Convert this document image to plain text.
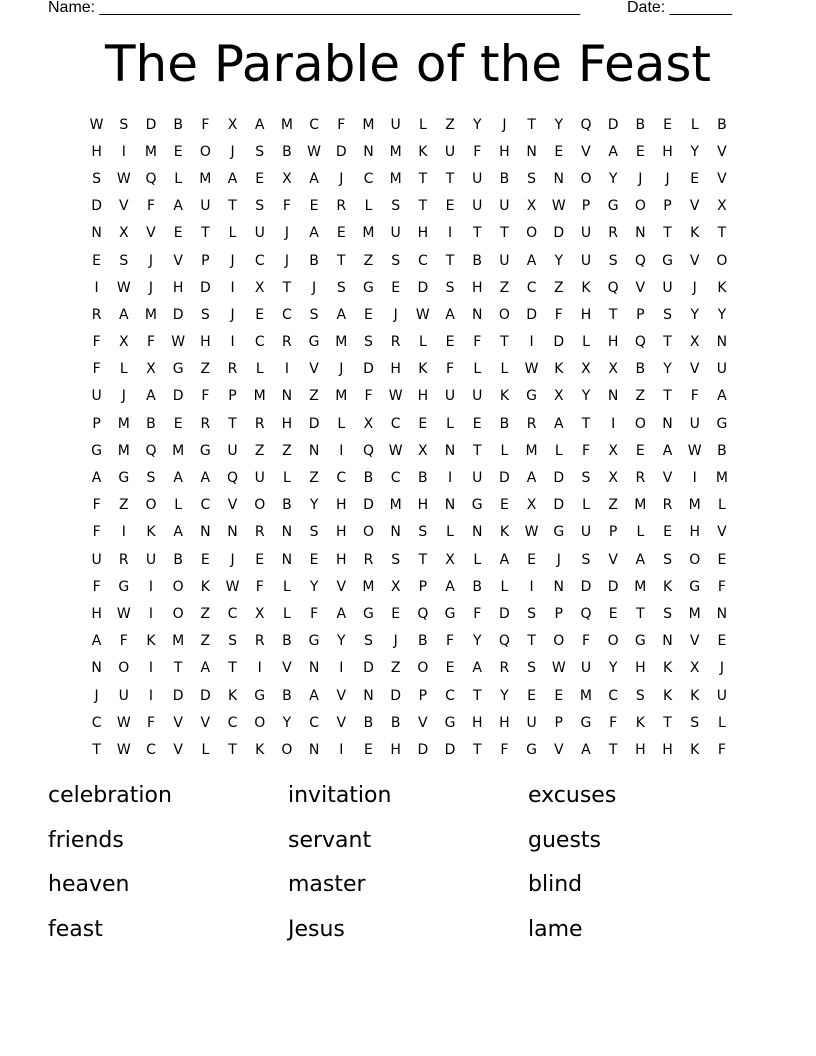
Name: ______________________________________________________	Date: _______
The Parable of the Feast
W	S	D	B	F	X	A	M	C	F	M	U	L	Z	Y	J	T	Y	Q	D	B	E	L	B
H	I	M	E	O	J	S	B	W	D	N	M	K	U	F	H	N	E	V	A	E	H	Y	V
S	W	Q	L	M	A	E	X	A	J	C	M	T	T	U	B	S	N	O	Y	J	J	E	V
D	V	F	A	U	T	S	F	E	R	L	S	T	E	U	U	X	W	P	G	O	P	V	X
N	X	V	E	T	L	U	J	A	E	M	U	H	I	T	T	O	D	U	R	N	T	K	T
E	S	J	V	P	J	C	J	B	T	Z	S	C	T	B	U	A	Y	U	S	Q	G	V	O
I	W	J	H	D	I	X	T	J	S	G	E	D	S	H	Z	C	Z	K	Q	V	U	J	K
R	A	M	D	S	J	E	C	S	A	E	J	W	A	N	O	D	F	H	T	P	S	Y	Y
F	X	F	W	H	I	C	R	G	M	S	R	L	E	F	T	I	D	L	H	Q	T	X	N
F	L	X	G	Z	R	L	I	V	J	D	H	K	F	L	L	W	K	X	X	B	Y	V	U
U	J	A	D	F	P	M	N	Z	M	F	W	H	U	U	K	G	X	Y	N	Z	T	F	A
P	M	B	E	R	T	R	H	D	L	X	C	E	L	E	B	R	A	T	I	O	N	U	G
G	M	Q	M	G	U	Z	Z	N	I	Q	W	X	N	T	L	M	L	F	X	E	A	W	B
A	G	S	A	A	Q	U	L	Z	C	B	C	B	I	U	D	A	D	S	X	R	V	I	M
F	Z	O	L	C	V	O	B	Y	H	D	M	H	N	G	E	X	D	L	Z	M	R	M	L
F	I	K	A	N	N	R	N	S	H	O	N	S	L	N	K	W	G	U	P	L	E	H	V
U	R	U	B	E	J	E	N	E	H	R	S	T	X	L	A	E	J	S	V	A	S	O	E
F	G	I	O	K	W	F	L	Y	V	M	X	P	A	B	L	I	N	D	D	M	K	G	F
H	W	I	O	Z	C	X	L	F	A	G	E	Q	G	F	D	S	P	Q	E	T	S	M	N
A	F	K	M	Z	S	R	B	G	Y	S	J	B	F	Y	Q	T	O	F	O	G	N	V	E
N	O	I	T	A	T	I	V	N	I	D	Z	O	E	A	R	S	W	U	Y	H	K	X	J
J	U	I	D	D	K	G	B	A	V	N	D	P	C	T	Y	E	E	M	C	S	K	K	U
C	W	F	V	V	C	O	Y	C	V	B	B	V	G	H	H	U	P	G	F	K	T	S	L
T	W	C	V	L	T	K	O	N	I	E	H	D	D	T	F	G	V	A	T	H	H	K	F
celebration	invitation	excuses
friends	servant	guests
heaven	master	blind
feast	Jesus	lame
